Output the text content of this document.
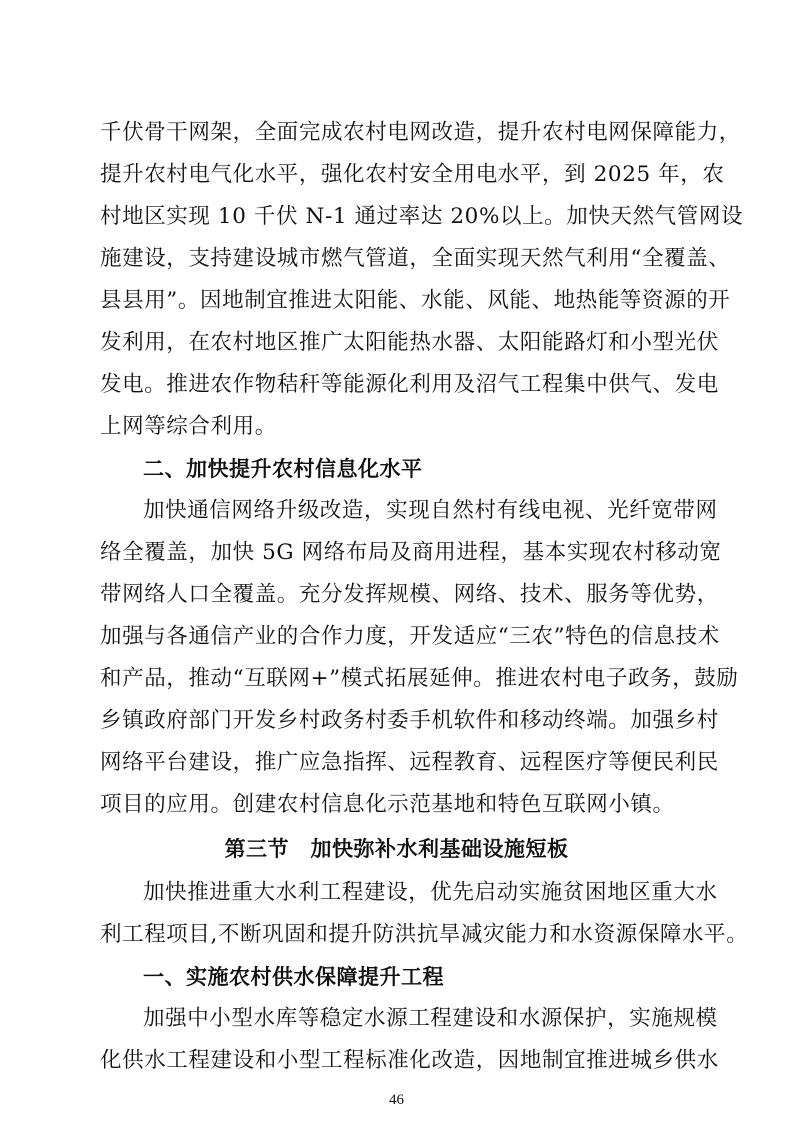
千伏骨干网架，全面完成农村电网改造，提升农村电网保障能力，
提升农村电气化水平，强化农村安全用电水平，到 2025 年，农
村地区实现 10 千伏 N-1 通过率达 20%以上。加快天然气管网设
施建设，支持建设城市燃气管道，全面实现天然气利用“全覆盖、
县县用”。因地制宜推进太阳能、水能、风能、地热能等资源的开
发利用，在农村地区推广太阳能热水器、太阳能路灯和小型光伏
发电。推进农作物秸秆等能源化利用及沼气工程集中供气、发电
上网等综合利用。
二、加快提升农村信息化水平
加快通信网络升级改造，实现自然村有线电视、光纤宽带网
络全覆盖，加快 5G 网络布局及商用进程，基本实现农村移动宽
带网络人口全覆盖。充分发挥规模、网络、技术、服务等优势，
加强与各通信产业的合作力度，开发适应“三农”特色的信息技术
和产品，推动“互联网+”模式拓展延伸。推进农村电子政务，鼓励
乡镇政府部门开发乡村政务村委手机软件和移动终端。加强乡村
网络平台建设，推广应急指挥、远程教育、远程医疗等便民利民
项目的应用。创建农村信息化示范基地和特色互联网小镇。
第三节　加快弥补水利基础设施短板
加快推进重大水利工程建设，优先启动实施贫困地区重大水
利工程项目,不断巩固和提升防洪抗旱减灾能力和水资源保障水平。
一、实施农村供水保障提升工程
加强中小型水库等稳定水源工程建设和水源保护，实施规模
化供水工程建设和小型工程标准化改造，因地制宜推进城乡供水
46
